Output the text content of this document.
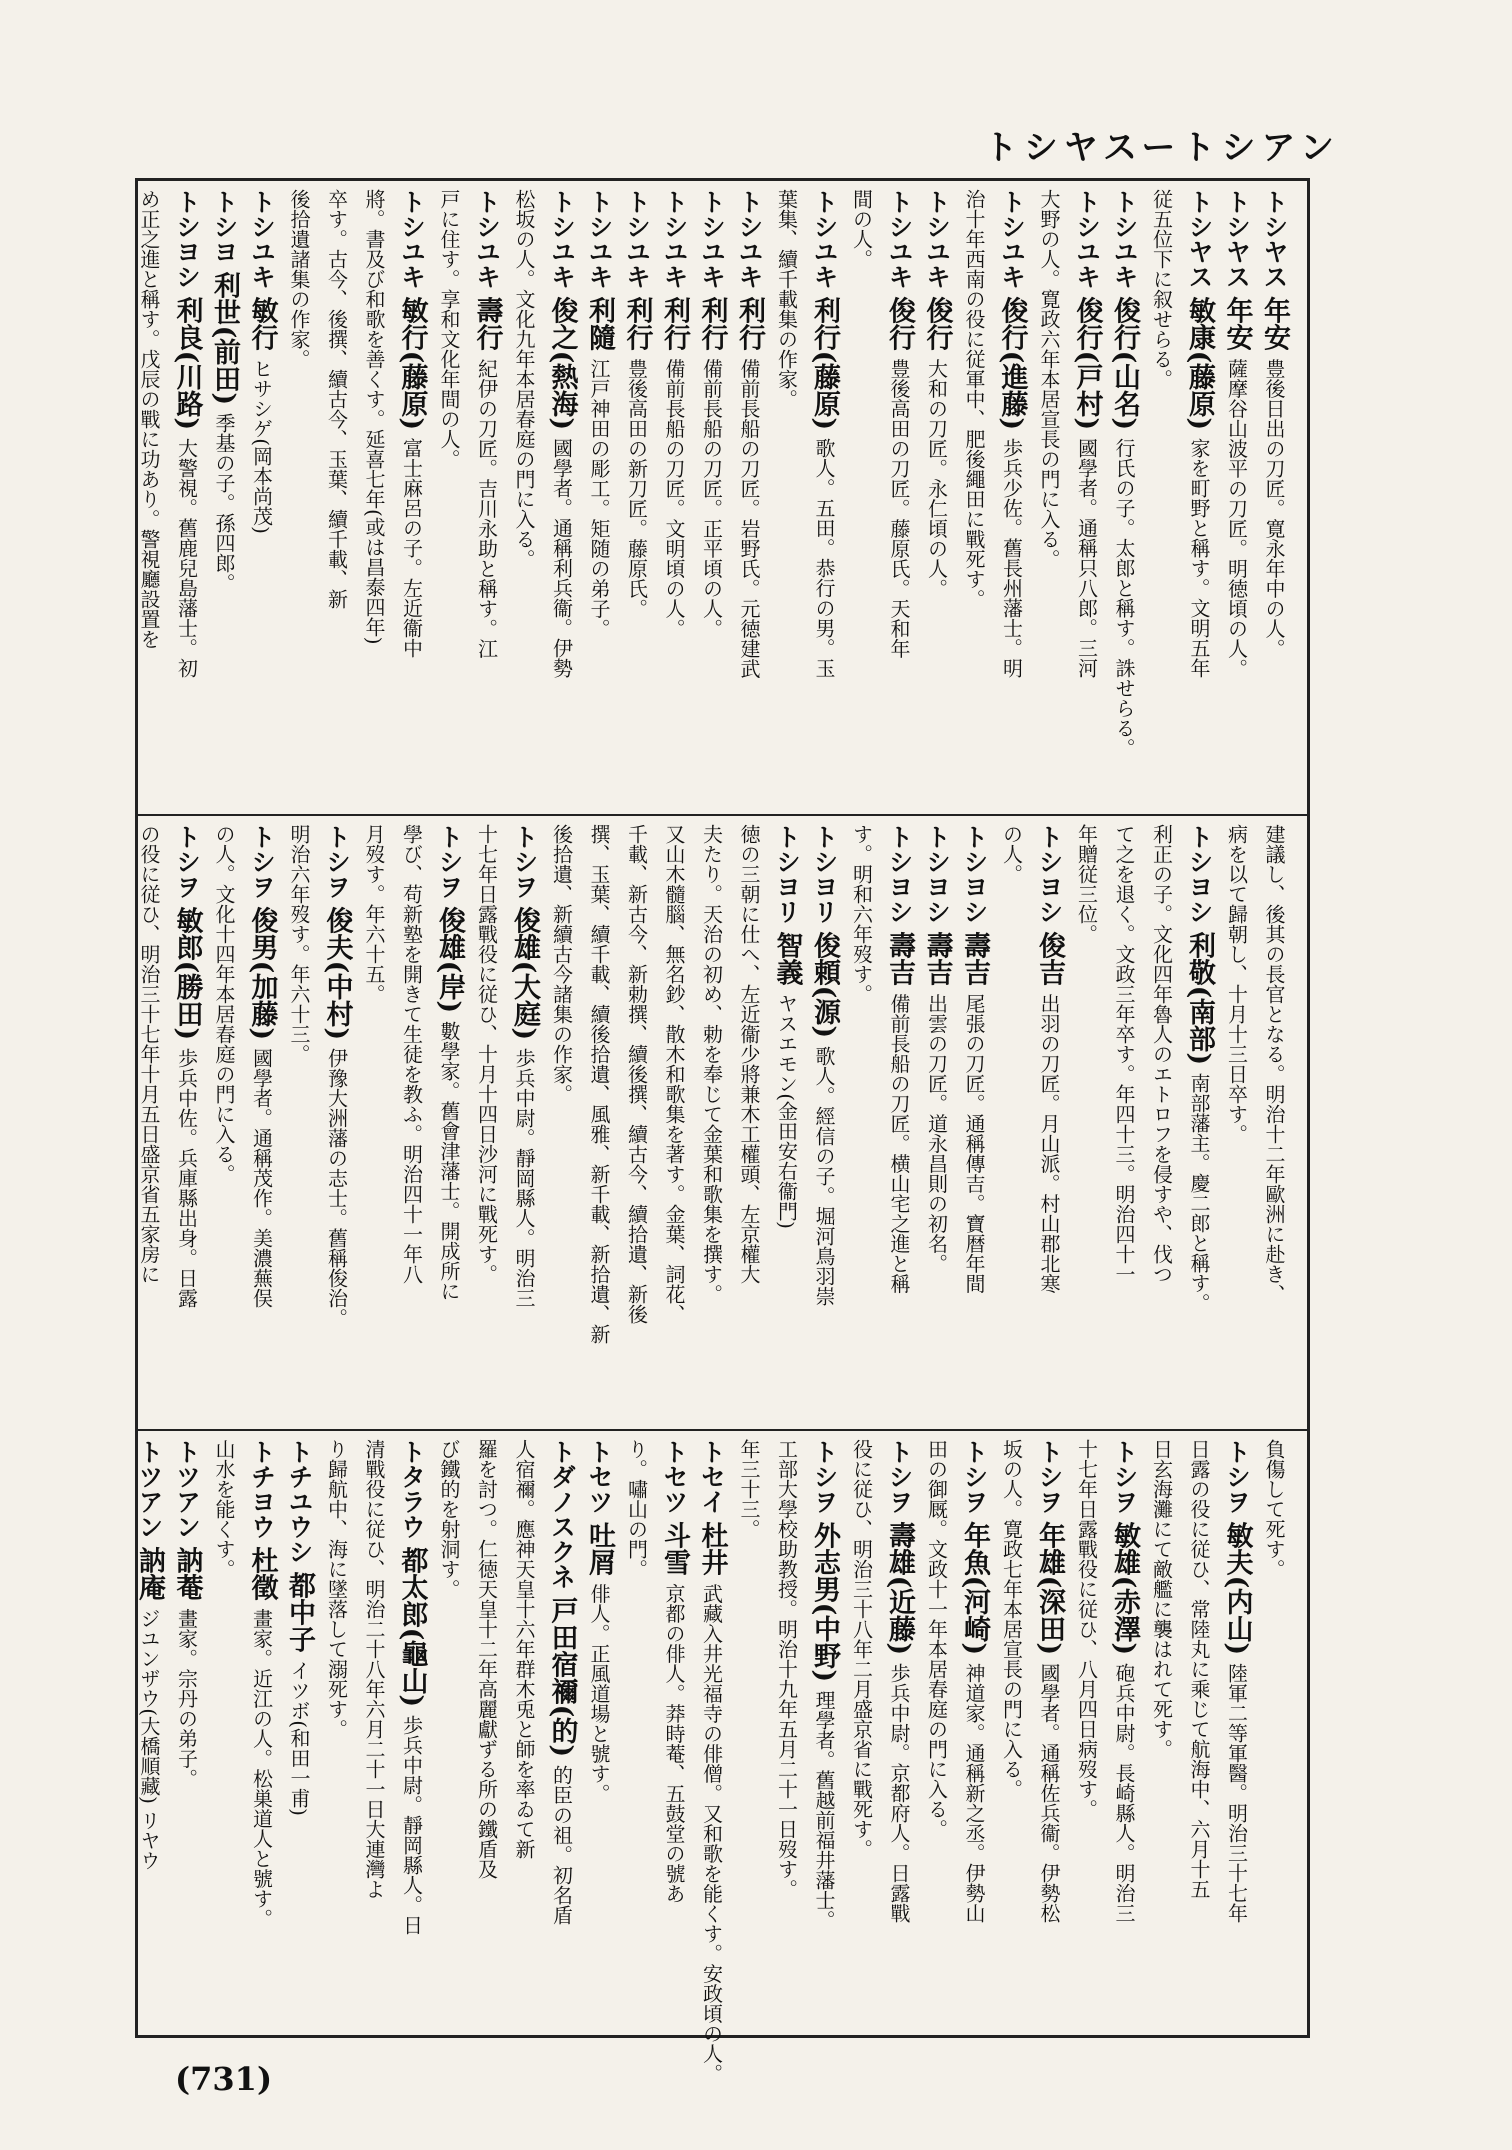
トシヤスートシアン
トシヤス 年安 豊後日出の刀匠。寛永年中の人。
トシヤス 年安 薩摩谷山波平の刀匠。明徳頃の人。
トシヤス 敏康(藤原) 家を町野と稱す。文明五年
従五位下に叙せらる。
トシユキ 俊行(山名) 行氏の子。太郎と稱す。誅せらる。
トシユキ 俊行(戸村) 國學者。通稱只八郎。三河
大野の人。寛政六年本居宣長の門に入る。
トシユキ 俊行(進藤) 歩兵少佐。舊長州藩士。明
治十年西南の役に従軍中、肥後繩田に戰死す。
トシユキ 俊行 大和の刀匠。永仁頃の人。
トシユキ 俊行 豊後高田の刀匠。藤原氏。天和年
間の人。
トシユキ 利行(藤原) 歌人。五田。恭行の男。玉
葉集、續千載集の作家。
トシユキ 利行 備前長船の刀匠。岩野氏。元徳建武
トシユキ 利行 備前長船の刀匠。正平頃の人。
トシユキ 利行 備前長船の刀匠。文明頃の人。
トシユキ 利行 豊後高田の新刀匠。藤原氏。
トシユキ 利隨 江戸神田の彫工。矩随の弟子。
トシユキ 俊之(熱海) 國學者。通稱利兵衞。伊勢
松坂の人。文化九年本居春庭の門に入る。
トシユキ 壽行 紀伊の刀匠。吉川永助と稱す。江
戸に住す。享和文化年間の人。
トシユキ 敏行(藤原) 富士麻呂の子。左近衞中
將。書及び和歌を善くす。延喜七年(或は昌泰四年)
卒す。古今、後撰、續古今、玉葉、續千載、新
後拾遺諸集の作家。
トシユキ 敏行 ヒサシゲ(岡本尚茂)
トシヨ 利世(前田) 季基の子。孫四郎。
トシヨシ 利良(川路) 大警視。舊鹿兒島藩士。初
め正之進と稱す。戊辰の戰に功あり。警視廳設置を
建議し、後其の長官となる。明治十二年歐洲に赴き、
病を以て歸朝し、十月十三日卒す。
トシヨシ 利敬(南部) 南部藩主。慶二郎と稱す。
利正の子。文化四年魯人のエトロフを侵すや、伐つ
て之を退く。文政三年卒す。年四十三。明治四十一
年贈従三位。
トシヨシ 俊吉 出羽の刀匠。月山派。村山郡北寒
の人。
トシヨシ 壽吉 尾張の刀匠。通稱傳吉。寶暦年間
トシヨシ 壽吉 出雲の刀匠。道永昌則の初名。
トシヨシ 壽吉 備前長船の刀匠。横山宅之進と稱
す。明和六年歿す。
トシヨリ 俊頼(源) 歌人。經信の子。堀河鳥羽崇
トシヨリ 智義 ヤスエモン(金田安右衞門)
徳の三朝に仕へ、左近衞少將兼木工權頭、左京權大
夫たり。天治の初め、勅を奉じて金葉和歌集を撰す。
又山木髓腦、無名鈔、散木和歌集を著す。金葉、詞花、
千載、新古今、新勅撰、續後撰、續古今、續拾遺、新後
撰、玉葉、續千載、續後拾遺、風雅、新千載、新拾遺、新
後拾遺、新續古今諸集の作家。
トシヲ 俊雄(大庭) 歩兵中尉。靜岡縣人。明治三
十七年日露戰役に従ひ、十月十四日沙河に戰死す。
トシヲ 俊雄(岸) 數學家。舊會津藩士。開成所に
學び、苟新塾を開きて生徒を教ふ。明治四十一年八
月歿す。年六十五。
トシヲ 俊夫(中村) 伊豫大洲藩の志士。舊稱俊治。
明治六年歿す。年六十三。
トシヲ 俊男(加藤) 國學者。通稱茂作。美濃蕪俣
の人。文化十四年本居春庭の門に入る。
トシヲ 敏郎(勝田) 歩兵中佐。兵庫縣出身。日露
の役に従ひ、明治三十七年十月五日盛京省五家房に
負傷して死す。
トシヲ 敏夫(内山) 陸軍二等軍醫。明治三十七年
日露の役に従ひ、常陸丸に乘じて航海中、六月十五
日玄海灘にて敵艦に襲はれて死す。
トシヲ 敏雄(赤澤) 砲兵中尉。長崎縣人。明治三
十七年日露戰役に従ひ、八月四日病歿す。
トシヲ 年雄(深田) 國學者。通稱佐兵衞。伊勢松
坂の人。寛政七年本居宣長の門に入る。
トシヲ 年魚(河崎) 神道家。通稱新之丞。伊勢山
田の御厩。文政十一年本居春庭の門に入る。
トシヲ 壽雄(近藤) 歩兵中尉。京都府人。日露戰
役に従ひ、明治三十八年二月盛京省に戰死す。
トシヲ 外志男(中野) 理學者。舊越前福井藩士。
工部大學校助教授。明治十九年五月二十一日歿す。
年三十三。
トセイ 杜井 武藏入井光福寺の俳僧。又和歌を能くす。安政頃の人。
トセツ 斗雪 京都の俳人。莽時菴、五鼓堂の號あ
り。嘯山の門。
トセツ 吐屑 俳人。正風道場と號す。
トダノスクネ 戸田宿禰(的) 的臣の祖。初名盾
人宿禰。應神天皇十六年群木兎と師を率ゐて新
羅を討つ。仁徳天皇十二年高麗獻ずる所の鐵盾及
び鐵的を射洞す。
トタラウ 都太郎(龜山) 歩兵中尉。靜岡縣人。日
清戰役に従ひ、明治二十八年六月二十一日大連灣よ
り歸航中、海に墜落して溺死す。
トチユウシ 都中子 イツボ(和田一甫)
トチヨウ 杜徵 畫家。近江の人。松巣道人と號す。
山水を能くす。
トツアン 訥菴 畫家。宗丹の弟子。
トツアン 訥庵 ジユンザウ(大橋順藏) リヤウ
(731)
